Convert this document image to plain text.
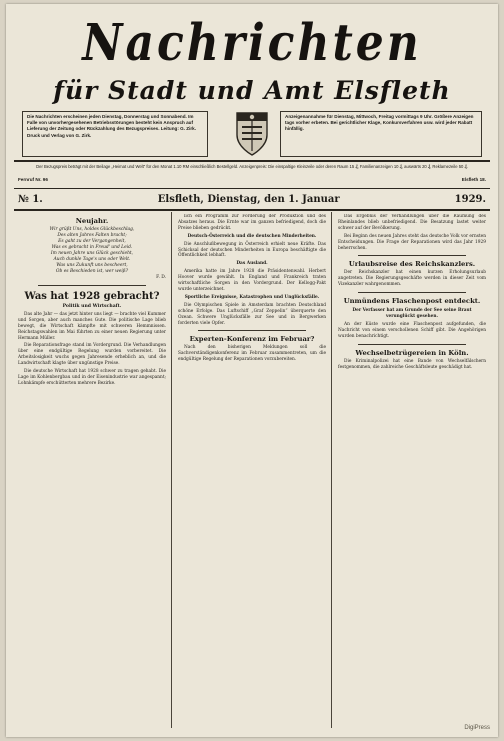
Nachrichten
für Stadt und Amt Elsfleth
Die Nachrichten erscheinen jeden Dienstag, Donnerstag und Sonnabend. Im Falle von unvorhergesehenen Betriebsstörungen besteht kein Anspruch auf Lieferung der Zeitung oder Rückzahlung des Bezugspreises. Leitung: G. Zirk. Druck und Verlag von G. Zirk.
Anzeigenannahme für Dienstag, Mittwoch, Freitag vormittags 9 Uhr. Größere Anzeigen tags vorher erbeten. Bei gerichtlicher Klage, Konkursverfahren usw. wird jeder Rabatt hinfällig.
Der Bezugspreis beträgt mit der Beilage „Heimat und Welt“ für den Monat 1.10 RM einschließlich Bestellgeld. Anzeigenpreis: Die einspaltige Kleinzeile oder deren Raum 15 ₰, Familienanzeigen 10 ₰, auswärts 20 ₰, Reklamezeile 50 ₰.
Fernruf Nr. 96	Elsfleth 18.
№ 1.	Elsfleth, Dienstag, den 1. Januar	1929.
Neujahr.
Wir grüßt Uns, holdes Glückbeschlag,
Des alten Jahres Falten bracht;
Es gaht zu der Vergangenheit,
Was es gebracht in Freud' und Leid.
Im neuen Jahre uns Glück geschieht,
Auch dunkle Tage's uns oder Welt.
Was uns Zukunft uns bescheert,
Ob es Beschieden ist, wer weiß?
F. D.
Was hat 1928 gebracht?
Politik und Wirtschaft.

Das alte Jahr — das jetzt hinter uns liegt — brachte viel Kummer und Sorgen, aber auch manches Gute. Die politische Lage blieb bewegt, die Wirtschaft kämpfte mit schweren Hemmnissen. Reichstagswahlen im Mai führten zu einer neuen Regierung unter Hermann Müller.

Die Reparationsfrage stand im Vordergrund. Die Verhandlungen über eine endgültige Regelung wurden vorbereitet. Die Arbeitslosigkeit wuchs gegen Jahresende erheblich an, und die Landwirtschaft klagte über ungünstige Preise.

Die deutsche Wirtschaft hat 1928 schwer zu tragen gehabt. Die Lage im Kohlenbergbau und in der Eisenindustrie war angespannt; Lohnkämpfe erschütterten mehrere Bezirke.

lich ein Programm zur Förderung der Produktion und des Absatzes heraus. Die Ernte war im ganzen befriedigend, doch die Preise blieben gedrückt.

Deutsch-Österreich und die deutschen Minderheiten.

Die Anschlußbewegung in Österreich erhielt neue Kräfte. Das Schicksal der deutschen Minderheiten in Europa beschäftigte die Öffentlichkeit lebhaft.

Das Ausland.

Amerika hatte im Jahre 1928 die Präsidentenwahl. Herbert Hoover wurde gewählt. In England und Frankreich traten wirtschaftliche Sorgen in den Vordergrund. Der Kellogg-Pakt wurde unterzeichnet.

Sportliche Ereignisse, Katastrophen und Unglücksfälle.

Die Olympischen Spiele in Amsterdam brachten Deutschland schöne Erfolge. Das Luftschiff „Graf Zeppelin“ überquerte den Ozean. Schwere Unglücksfälle zur See und in Bergwerken forderten viele Opfer.

Experten-Konferenz im Februar?

Nach den bisherigen Meldungen soll die Sachverständigenkonferenz im Februar zusammentreten, um die endgültige Regelung der Reparationen vorzubereiten.

Das Ergebnis der Verhandlungen über die Räumung des Rheinlandes blieb unbefriedigend. Die Besatzung lastet weiter schwer auf der Bevölkerung.

Bei Beginn des neuen Jahres steht das deutsche Volk vor ernsten Entscheidungen. Die Frage der Reparationen wird das Jahr 1929 beherrschen.

Urlaubsreise des Reichskanzlers.

Der Reichskanzler hat einen kurzen Erholungsurlaub angetreten. Die Regierungsgeschäfte werden in dieser Zeit vom Vizekanzler wahrgenommen.

Unmündens Flaschenpost entdeckt.
Der Verfasser hat am Grunde der See seine Braut verunglückt gesehen.

An der Küste wurde eine Flaschenpost aufgefunden, die Nachricht von einem verschollenen Schiff gibt. Die Angehörigen wurden benachrichtigt.

Wechselbetrügereien in Köln.

Die Kriminalpolizei hat eine Bande von Wechselfälschern festgenommen, die zahlreiche Geschäftsleute geschädigt hat.

DigiPress
